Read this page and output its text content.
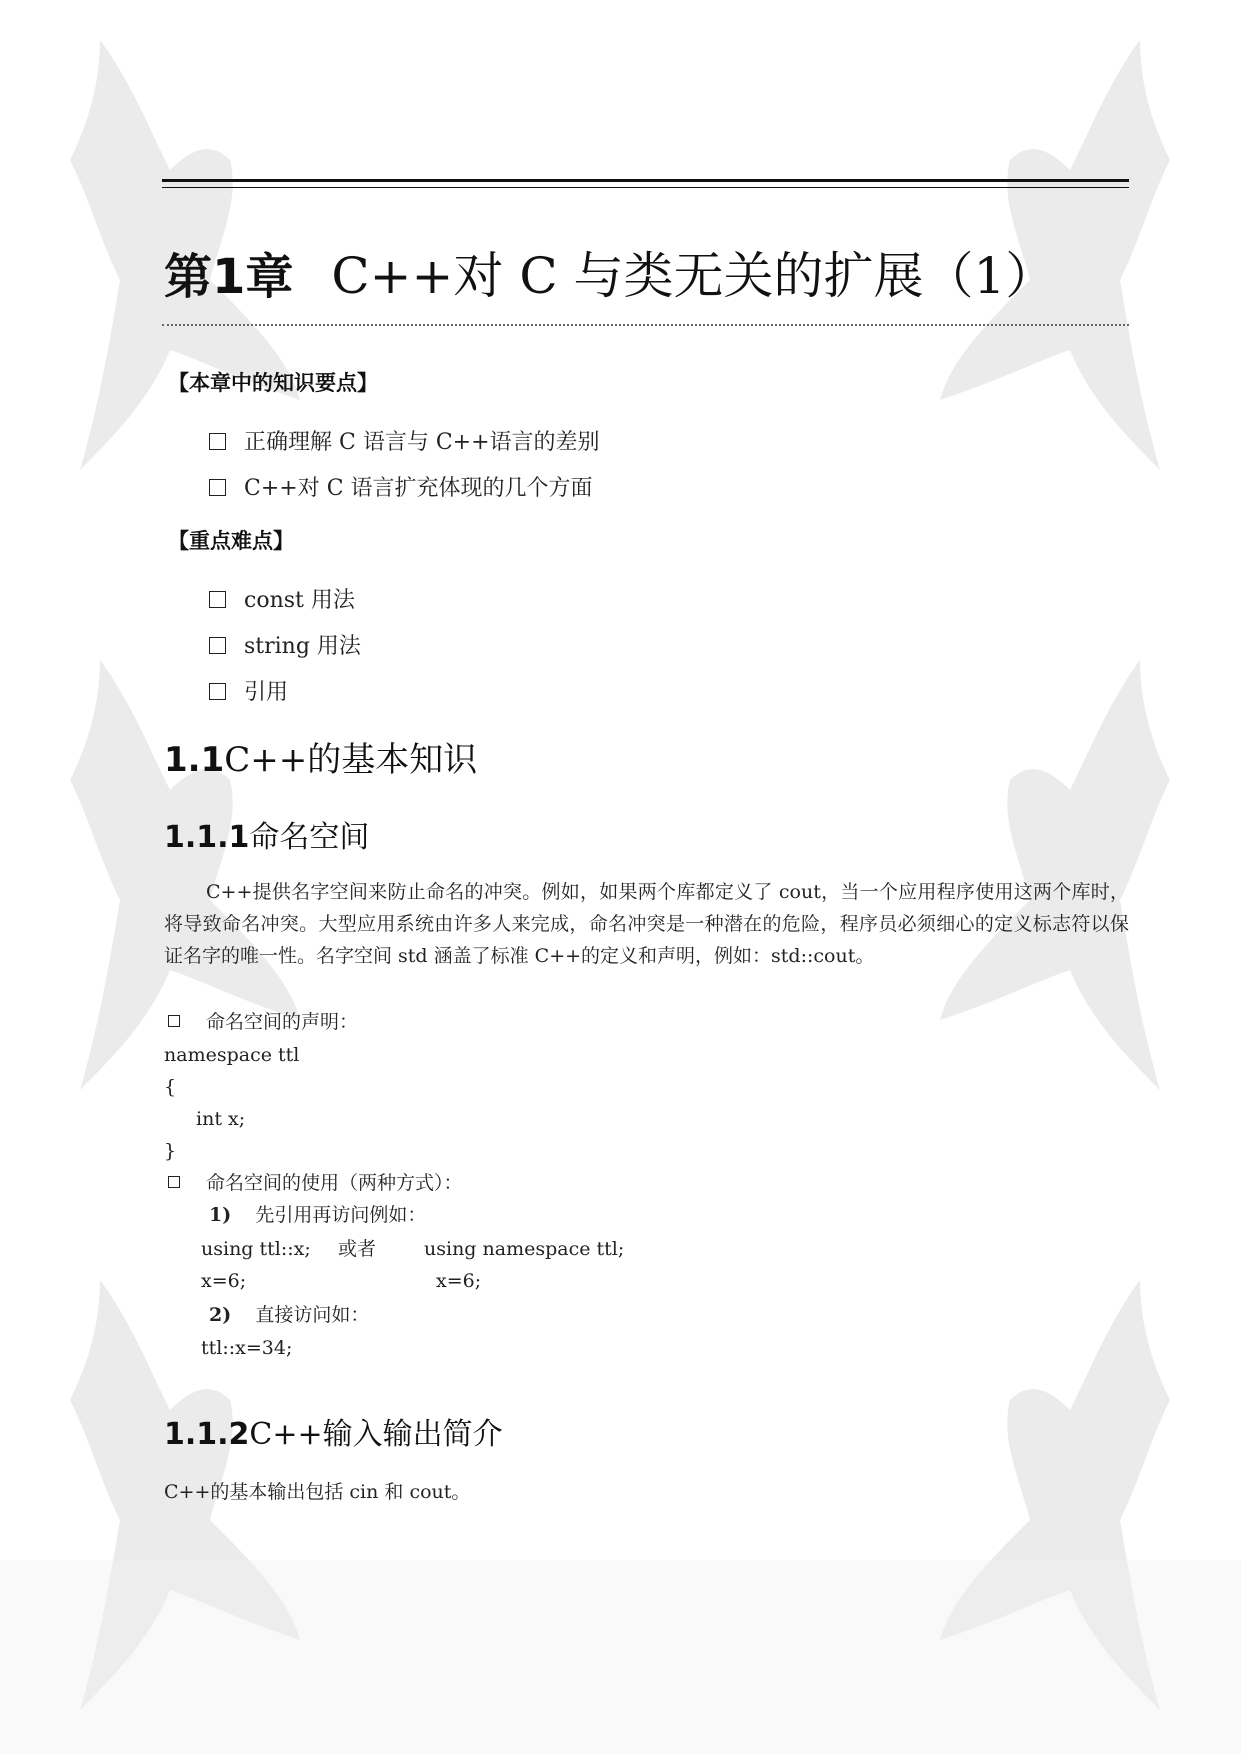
第1章 C++对 C 与类无关的扩展（1）
【本章中的知识要点】
正确理解 C 语言与 C++语言的差别
C++对 C 语言扩充体现的几个方面
【重点难点】
const 用法
string 用法
引用
1.1C++的基本知识
1.1.1命名空间
C++提供名字空间来防止命名的冲突。例如，如果两个库都定义了 cout，当一个应用程序使用这两个库时，将导致命名冲突。大型应用系统由许多人来完成，命名冲突是一种潜在的危险，程序员必须细心的定义标志符以保证名字的唯一性。名字空间 std 涵盖了标准 C++的定义和声明，例如：std::cout。
命名空间的声明：
namespace ttl
{
int x;
}
命名空间的使用（两种方式）：
1) 先引用再访问例如：
using ttl::x; 或者	using namespace ttl;
x=6;	x=6;
2) 直接访问如：
ttl::x=34;
1.1.2C++输入输出简介
C++的基本输出包括 cin 和 cout。
